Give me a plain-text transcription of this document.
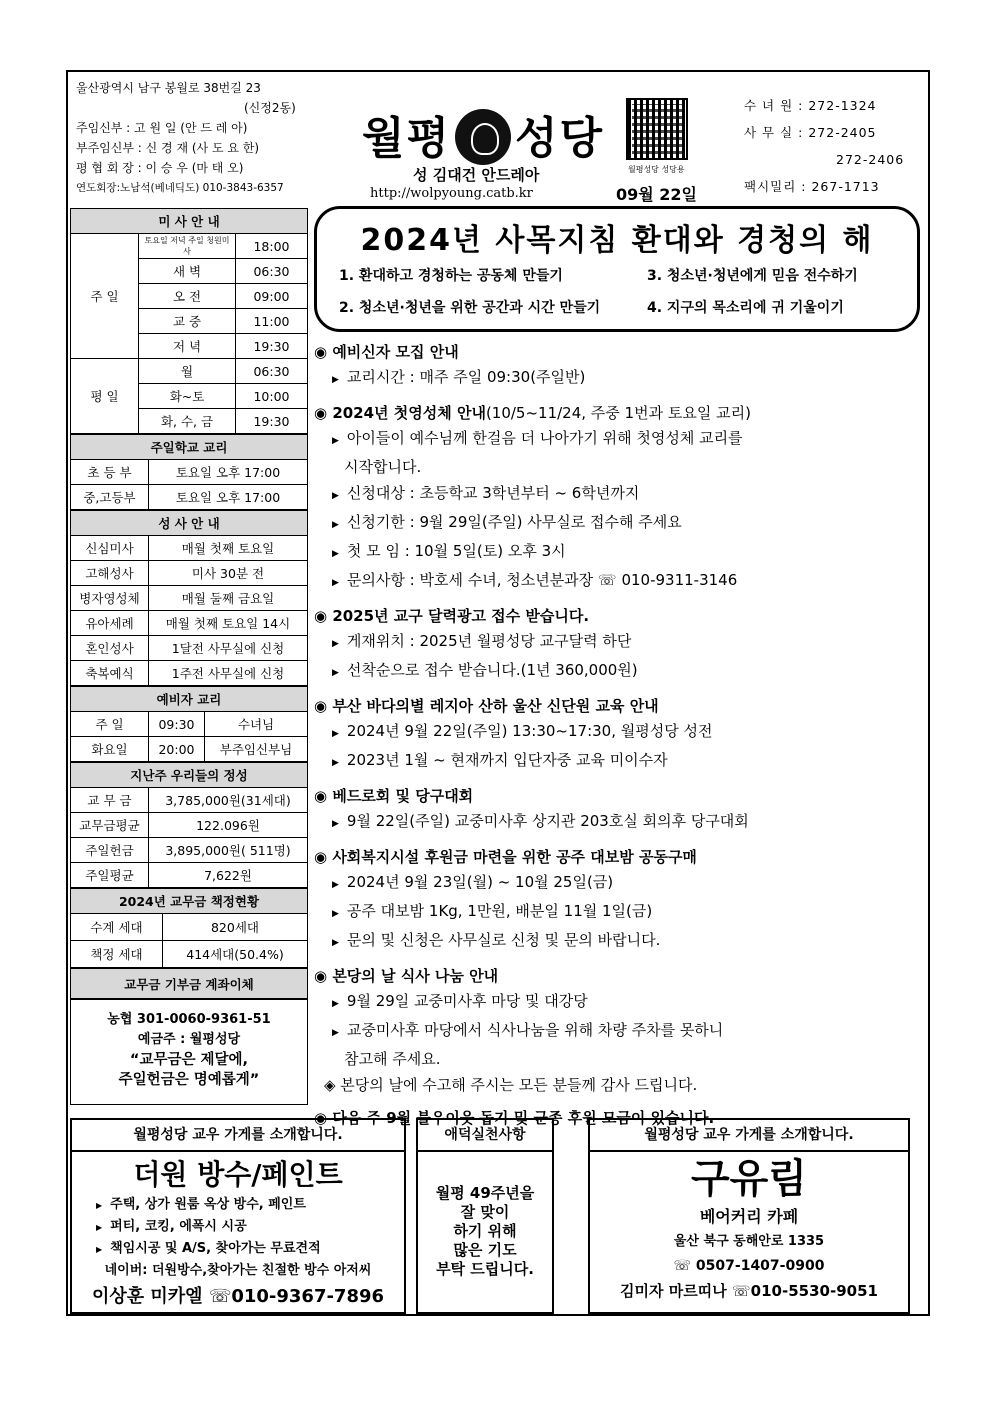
울산광역시 남구 봉월로 38번길 23
(신정2동)
주임신부 : 고 원 일 (안 드 레 아)
부주임신부 : 신 경 재 (사 도 요 한)
평 협 회 장 : 이 승 우 (마 태 오)
연도회장:노남석(베네딕도) 010-3843-6357
월평 성당
성 김대건 안드레아
http://wolpyoung.catb.kr	09월 22일
월평성당 성당용
수 녀 원 : 272-1324
사 무 실 : 272-2405
272-2406
팩시밀리 : 267-1713
미 사 안 내		
주 일	토요일 저녁 주일 청원미사	18:00
	새 벽	06:30
	오 전	09:00
	교 중	11:00
	저 녁	19:30
평 일	월	06:30
	화~토	10:00
	화, 수, 금	19:30
주일학교 교리	
초 등 부	토요일 오후 17:00
중,고등부	토요일 오후 17:00
성 사 안 내	
신심미사	매월 첫째 토요일
고해성사	미사 30분 전
병자영성체	매월 둘째 금요일
유아세례	매월 첫째 토요일 14시
혼인성사	1달전 사무실에 신청
축복예식	1주전 사무실에 신청
예비자 교리		
주 일	09:30	수녀님
화요일	20:00	부주임신부님
지난주 우리들의 정성	
교 무 금	3,785,000원(31세대)
교무금평균	122.096원
주일헌금	3,895,000원( 511명)
주일평균	7,622원
2024년 교무금 책정현황	
수계 세대	820세대
책정 세대	414세대(50.4%)
교무금 기부금 계좌이체
농협 301-0060-9361-51
예금주 : 월평성당
“교무금은 제달에,
주일헌금은 명예롭게”
2024년 사목지침 환대와 경청의 해
1. 환대하고 경청하는 공동체 만들기	3. 청소년·청년에게 믿음 전수하기
2. 청소년·청년을 위한 공간과 시간 만들기	4. 지구의 목소리에 귀 기울이기
◉ 예비신자 모집 안내
▶ 교리시간 : 매주 주일 09:30(주일반)
◉ 2024년 첫영성체 안내(10/5~11/24, 주중 1번과 토요일 교리)
▶ 아이들이 예수님께 한걸음 더 나아가기 위해 첫영성체 교리를
시작합니다.
▶ 신청대상 : 초등학교 3학년부터 ~ 6학년까지
▶ 신청기한 : 9월 29일(주일) 사무실로 접수해 주세요
▶ 첫 모 임 : 10월 5일(토) 오후 3시
▶ 문의사항 : 박호세 수녀, 청소년분과장 ☏ 010-9311-3146
◉ 2025년 교구 달력광고 접수 받습니다.
▶ 게재위치 : 2025년 월평성당 교구달력 하단
▶ 선착순으로 접수 받습니다.(1년 360,000원)
◉ 부산 바다의별 레지아 산하 울산 신단원 교육 안내
▶ 2024년 9월 22일(주일) 13:30~17:30, 월평성당 성전
▶ 2023년 1월 ~ 현재까지 입단자중 교육 미이수자
◉ 베드로회 및 당구대회
▶ 9월 22일(주일) 교중미사후 상지관 203호실 회의후 당구대회
◉ 사회복지시설 후원금 마련을 위한 공주 대보밤 공동구매
▶ 2024년 9월 23일(월) ~ 10월 25일(금)
▶ 공주 대보밤 1Kg, 1만원, 배분일 11월 1일(금)
▶ 문의 및 신청은 사무실로 신청 및 문의 바랍니다.
◉ 본당의 날 식사 나눔 안내
▶ 9월 29일 교중미사후 마당 및 대강당
▶ 교중미사후 마당에서 식사나눔을 위해 차량 주차를 못하니
참고해 주세요.
◈ 본당의 날에 수고해 주시는 모든 분들께 감사 드립니다.
◉ 다음 주 9월 불우이웃 돕기 및 군종 후원 모금이 있습니다.
월평성당 교우 가게를 소개합니다.
더원 방수/페인트
▶ 주택, 상가 원룸 옥상 방수, 페인트
▶ 퍼티, 코킹, 에폭시 시공
▶ 책임시공 및 A/S, 찾아가는 무료견적
네이버: 더원방수,찾아가는 친절한 방수 아저씨
이상훈 미카엘 ☏010-9367-7896
애덕실천사항
월평 49주년을
잘 맞이
하기 위해
많은 기도
부탁 드립니다.
월평성당 교우 가게를 소개합니다.
구유림
베어커리 카페
울산 북구 동해안로 1335
☏ 0507-1407-0900
김미자 마르띠나 ☏010-5530-9051
